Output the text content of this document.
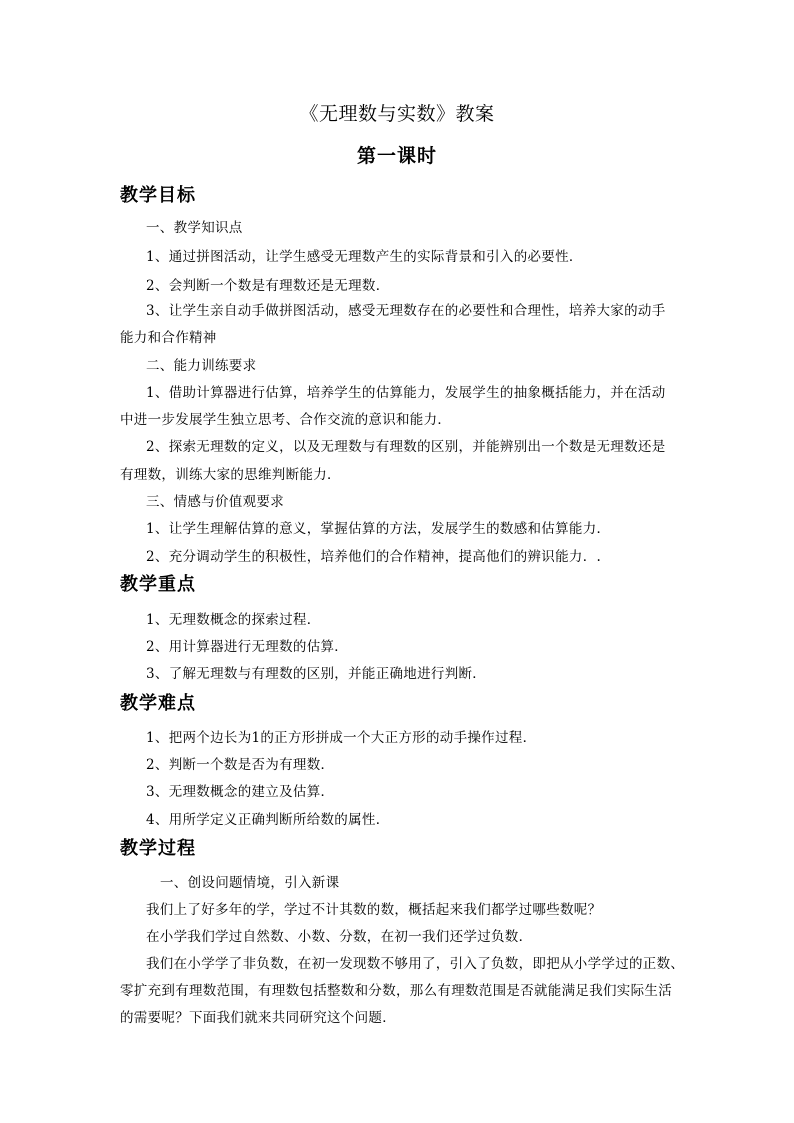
《无理数与实数》教案
第一课时
教学目标
一、教学知识点
1、通过拼图活动，让学生感受无理数产生的实际背景和引入的必要性．
2、会判断一个数是有理数还是无理数．
3、让学生亲自动手做拼图活动，感受无理数存在的必要性和合理性，培养大家的动手
能力和合作精神
二、能力训练要求
1、借助计算器进行估算，培养学生的估算能力，发展学生的抽象概括能力，并在活动
中进一步发展学生独立思考、合作交流的意识和能力．
2、探索无理数的定义，以及无理数与有理数的区别，并能辨别出一个数是无理数还是
有理数，训练大家的思维判断能力．
三、情感与价值观要求
1、让学生理解估算的意义，掌握估算的方法，发展学生的数感和估算能力．
2、充分调动学生的积极性，培养他们的合作精神，提高他们的辨识能力．.
教学重点
1、无理数概念的探索过程．
2、用计算器进行无理数的估算．
3、了解无理数与有理数的区别，并能正确地进行判断．
教学难点
1、把两个边长为1的正方形拼成一个大正方形的动手操作过程．
2、判断一个数是否为有理数．
3、无理数概念的建立及估算．
4、用所学定义正确判断所给数的属性．
教学过程
一、创设问题情境，引入新课
我们上了好多年的学，学过不计其数的数，概括起来我们都学过哪些数呢？
在小学我们学过自然数、小数、分数，在初一我们还学过负数．
我们在小学学了非负数，在初一发现数不够用了，引入了负数，即把从小学学过的正数、
零扩充到有理数范围，有理数包括整数和分数，那么有理数范围是否就能满足我们实际生活
的需要呢？下面我们就来共同研究这个问题．
